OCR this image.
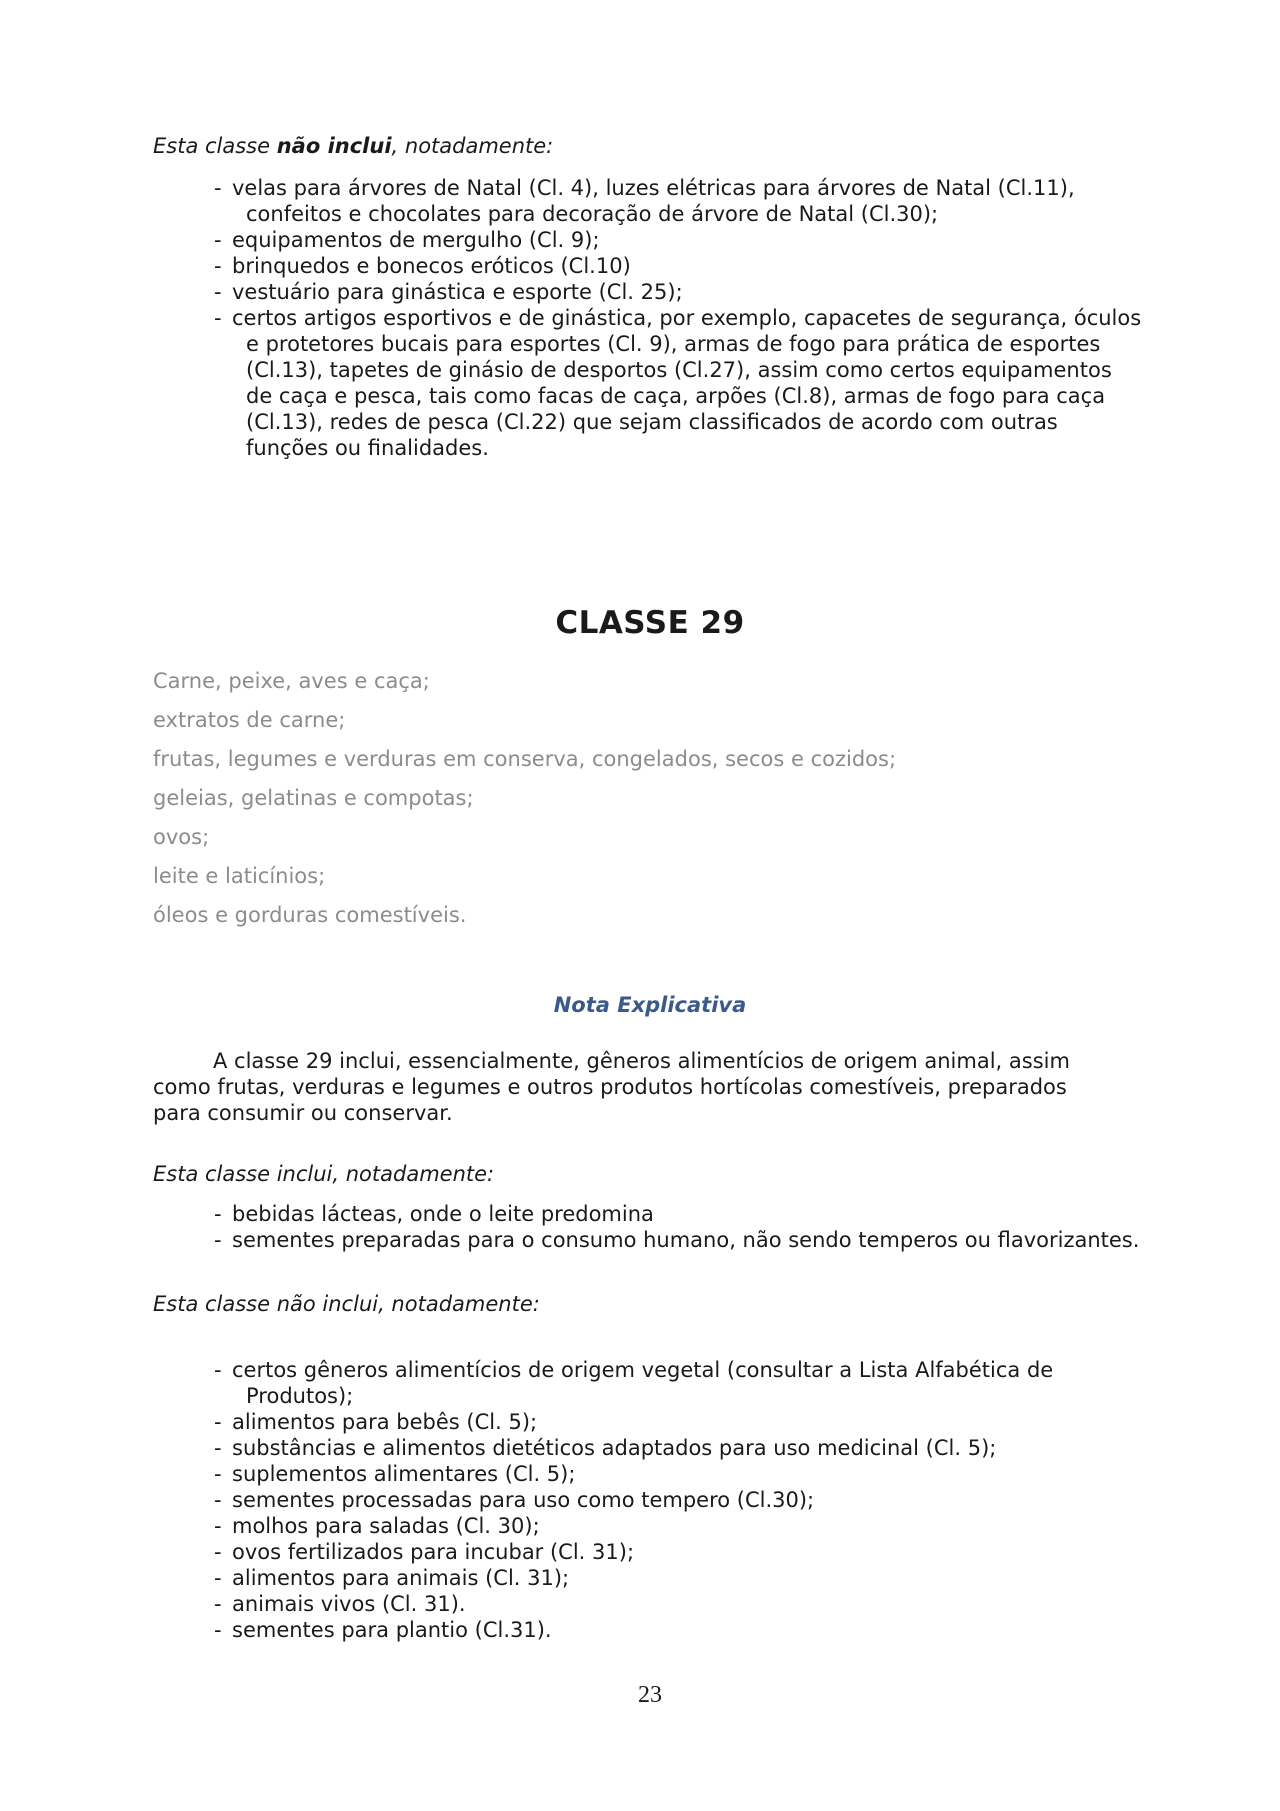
Esta classe não inclui, notadamente:

- velas para árvores de Natal (Cl. 4), luzes elétricas para árvores de Natal (Cl.11), confeitos e chocolates para decoração de árvore de Natal (Cl.30);
- equipamentos de mergulho (Cl. 9);
- brinquedos e bonecos eróticos (Cl.10)
- vestuário para ginástica e esporte (Cl. 25);
- certos artigos esportivos e de ginástica, por exemplo, capacetes de segurança, óculos e protetores bucais para esportes (Cl. 9), armas de fogo para prática de esportes (Cl.13), tapetes de ginásio de desportos (Cl.27), assim como certos equipamentos de caça e pesca, tais como facas de caça, arpões (Cl.8), armas de fogo para caça (Cl.13), redes de pesca (Cl.22) que sejam classificados de acordo com outras funções ou finalidades.
CLASSE 29
Carne, peixe, aves e caça;
extratos de carne;
frutas, legumes e verduras em conserva, congelados, secos e cozidos;
geleias, gelatinas e compotas;
ovos;
leite e laticínios;
óleos e gorduras comestíveis.

Nota Explicativa

A classe 29 inclui, essencialmente, gêneros alimentícios de origem animal, assim como frutas, verduras e legumes e outros produtos hortícolas comestíveis, preparados para consumir ou conservar.

Esta classe inclui, notadamente:

- bebidas lácteas, onde o leite predomina
- sementes preparadas para o consumo humano, não sendo temperos ou flavorizantes.

Esta classe não inclui, notadamente:

- certos gêneros alimentícios de origem vegetal (consultar a Lista Alfabética de Produtos);
- alimentos para bebês (Cl. 5);
- substâncias e alimentos dietéticos adaptados para uso medicinal (Cl. 5);
- suplementos alimentares (Cl. 5);
- sementes processadas para uso como tempero (Cl.30);
- molhos para saladas (Cl. 30);
- ovos fertilizados para incubar (Cl. 31);
- alimentos para animais (Cl. 31);
- animais vivos (Cl. 31).
- sementes para plantio (Cl.31).

23
